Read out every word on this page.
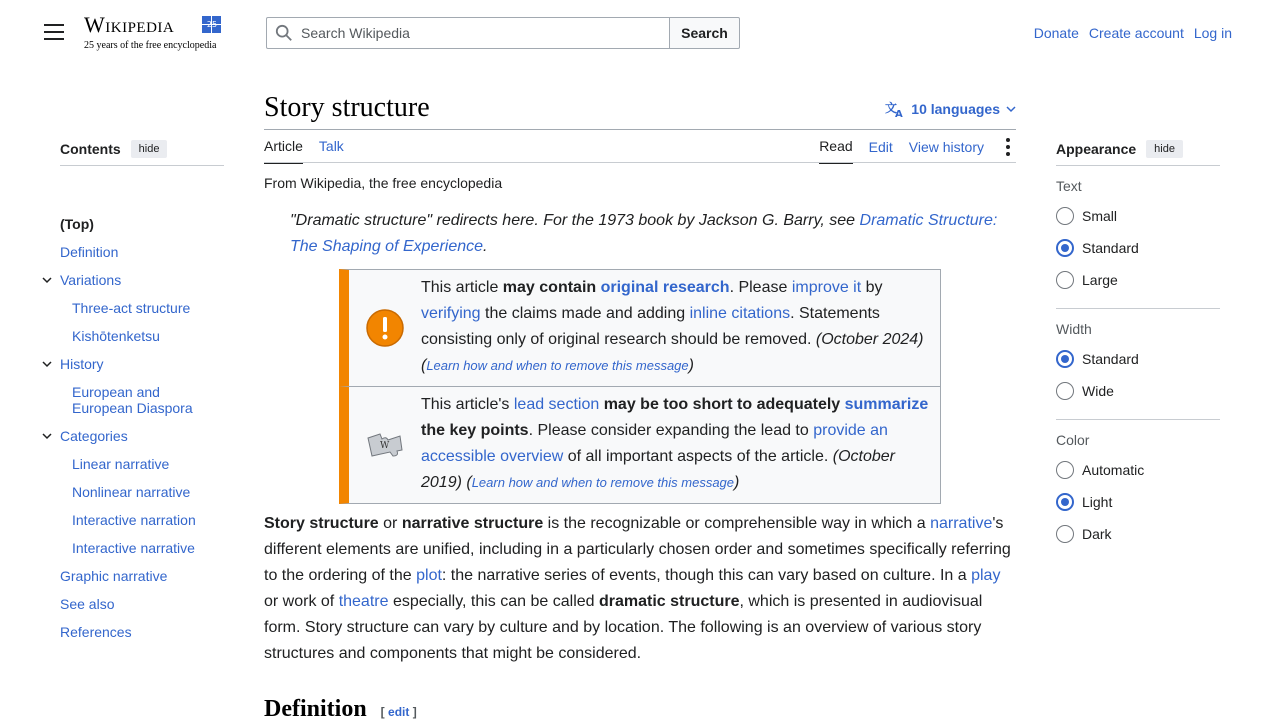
Wikipedia	25
25 years of the free encyclopedia
Search Wikipedia
Search	Donate Create account Log in
Contents	hide
(Top)
Definition
Variations
Three-act structure
Kishōtenketsu
History
European and European Diaspora
Categories
Linear narrative
Nonlinear narrative
Interactive narration
Interactive narrative
Graphic narrative
See also
References
Appearance	hide
Text
Small
Standard
Large
Width
Standard
Wide
Color
Automatic
Light
Dark
Story structure	文
A 10 languages
Article Talk	Read Edit View history
From Wikipedia, the free encyclopedia
"Dramatic structure" redirects here. For the 1973 book by Jackson G. Barry, see Dramatic Structure: The Shaping of Experience.
This article may contain original research. Please improve it by verifying the claims made and adding inline citations. Statements consisting only of original research should be removed. (October 2024) (Learn how and when to remove this message)
W
This article's lead section may be too short to adequately summarize the key points. Please consider expanding the lead to provide an accessible overview of all important aspects of the article. (October 2019) (Learn how and when to remove this message)

Story structure or narrative structure is the recognizable or comprehensible way in which a narrative's different elements are unified, including in a particularly chosen order and sometimes specifically referring to the ordering of the plot: the narrative series of events, though this can vary based on culture. In a play or work of theatre especially, this can be called dramatic structure, which is presented in audiovisual form. Story structure can vary by culture and by location. The following is an overview of various story structures and components that might be considered.

Definition [ edit ]
